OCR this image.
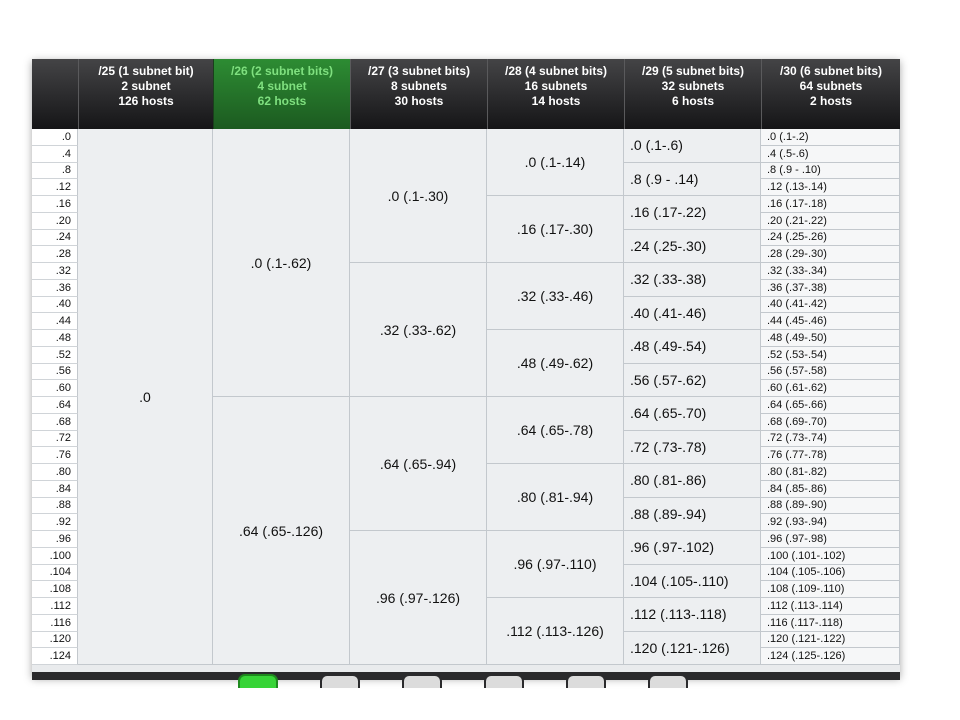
/25 (1 subnet bit)
2 subnet
126 hosts
/26 (2 subnet bits)
4 subnet
62 hosts
/27 (3 subnet bits)
8 subnets
30 hosts
/28 (4 subnet bits)
16 subnets
14 hosts
/29 (5 subnet bits)
32 subnets
6 hosts
/30 (6 subnet bits)
64 subnets
2 hosts
.0
.4
.8
.12
.16
.20
.24
.28
.32
.36
.40
.44
.48
.52
.56
.60
.64
.68
.72
.76
.80
.84
.88
.92
.96
.100
.104
.108
.112
.116
.120
.124
.0
.0 (.1-.62)
.64 (.65-.126)
.0 (.1-.30)
.32 (.33-.62)
.64 (.65-.94)
.96 (.97-.126)
.0 (.1-.14)
.16 (.17-.30)
.32 (.33-.46)
.48 (.49-.62)
.64 (.65-.78)
.80 (.81-.94)
.96 (.97-.110)
.112 (.113-.126)
.0 (.1-.6)
.8 (.9 - .14)
.16 (.17-.22)
.24 (.25-.30)
.32 (.33-.38)
.40 (.41-.46)
.48 (.49-.54)
.56 (.57-.62)
.64 (.65-.70)
.72 (.73-.78)
.80 (.81-.86)
.88 (.89-.94)
.96 (.97-.102)
.104 (.105-.110)
.112 (.113-.118)
.120 (.121-.126)
.0 (.1-.2)
.4 (.5-.6)
.8 (.9 - .10)
.12 (.13-.14)
.16 (.17-.18)
.20 (.21-.22)
.24 (.25-.26)
.28 (.29-.30)
.32 (.33-.34)
.36 (.37-.38)
.40 (.41-.42)
.44 (.45-.46)
.48 (.49-.50)
.52 (.53-.54)
.56 (.57-.58)
.60 (.61-.62)
.64 (.65-.66)
.68 (.69-.70)
.72 (.73-.74)
.76 (.77-.78)
.80 (.81-.82)
.84 (.85-.86)
.88 (.89-.90)
.92 (.93-.94)
.96 (.97-.98)
.100 (.101-.102)
.104 (.105-.106)
.108 (.109-.110)
.112 (.113-.114)
.116 (.117-.118)
.120 (.121-.122)
.124 (.125-.126)
